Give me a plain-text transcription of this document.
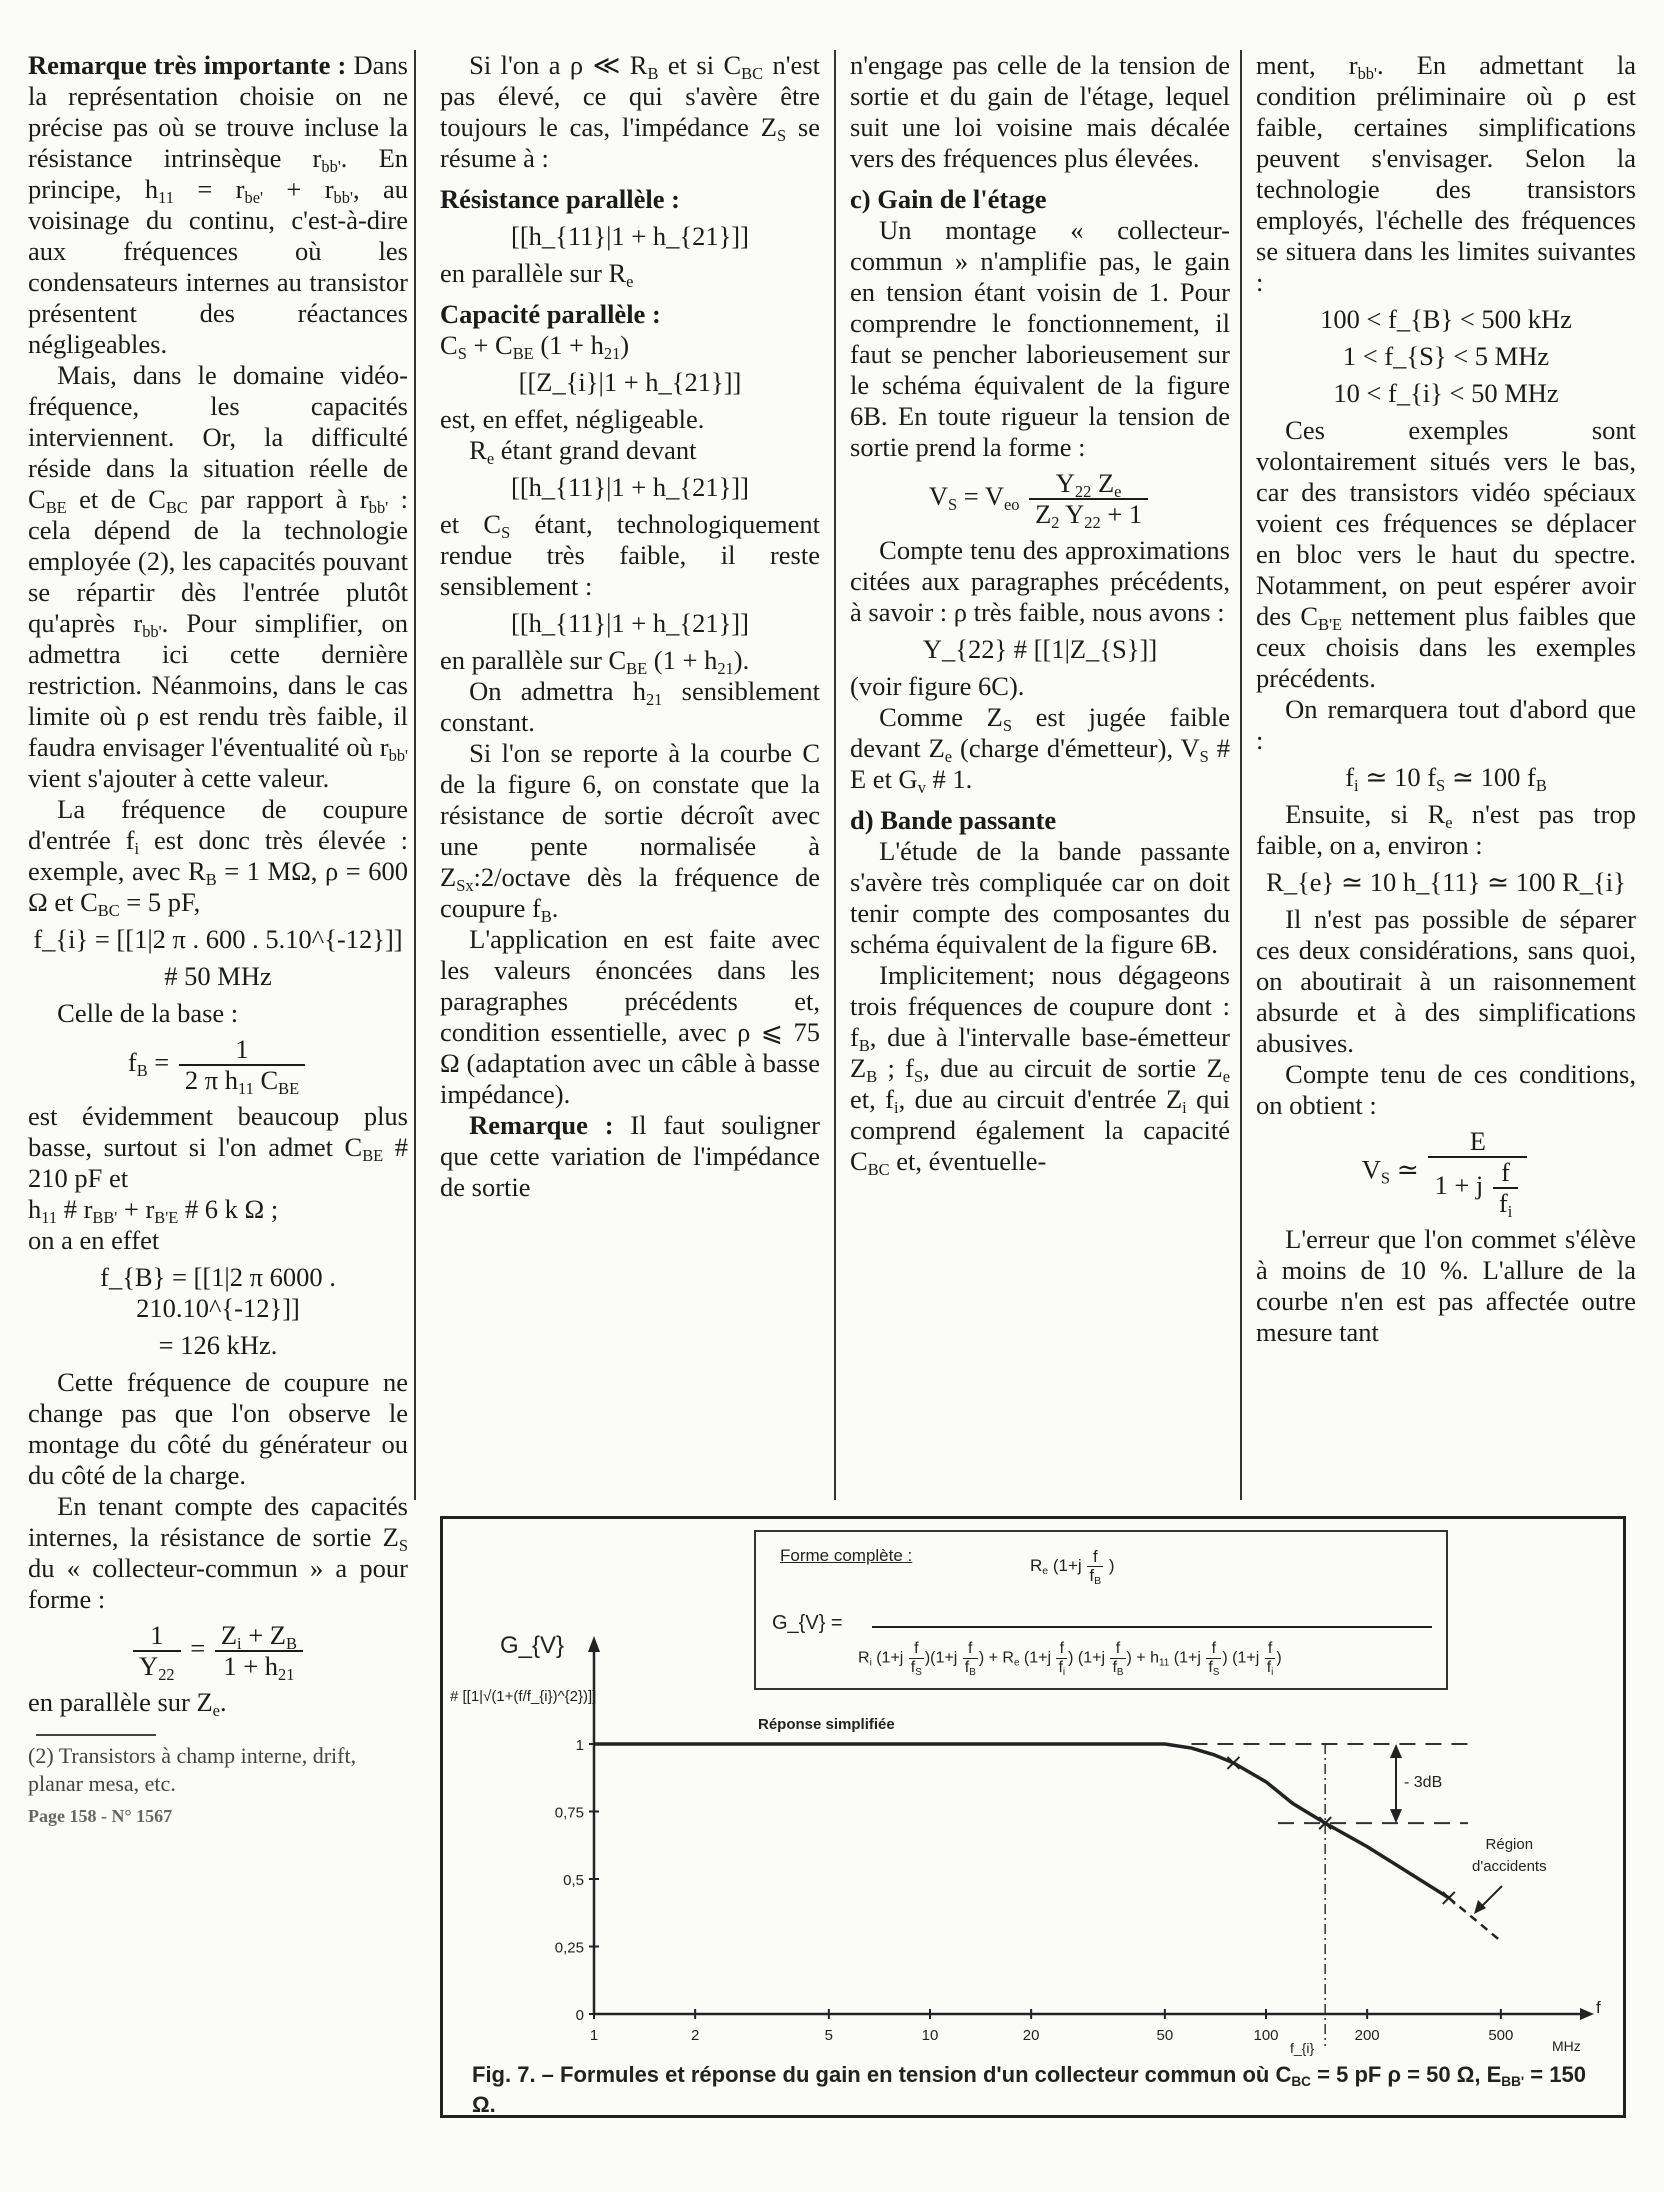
Remarque très importante : Dans la représentation choisie on ne précise pas où se trouve incluse la résistance intrinsèque $r_{bb'}$. En principe, $h_{11} = r_{be'} + r_{bb'}$, au voisinage du continu, c'est-à-dire aux fréquences où les condensateurs internes au transistor présentent des réactances négligeables.

Mais, dans le domaine vidéo-fréquence, les capacités interviennent. Or, la difficulté réside dans la situation réelle de $C_{BE}$ et de $C_{BC}$ par rapport à $r_{bb'}$ : cela dépend de la technologie employée (2), les capacités pouvant se répartir dès l'entrée plutôt qu'après $r_{bb'}$. Pour simplifier, on admettra ici cette dernière restriction. Néanmoins, dans le cas limite où ρ est rendu très faible, il faudra envisager l'éventualité où $r_{bb'}$ vient s'ajouter à cette valeur.

La fréquence de coupure d'entrée $f_i$ est donc très élevée : exemple, avec $R_B = 1$ MΩ, ρ = 600 Ω et $C_{BC} = 5$ pF,

f_{i} = [[1|2 π . 600 . 5.10^{-12}]]

# 50 MHz

Celle de la base :

$f_B$ =	1
2 π $h_{11}$ $C_{BE}$

est évidemment beaucoup plus basse, surtout si l'on admet $C_{BE}$ # 210 pF et

$h_{11}$ # $r_{BB'} + r_{B'E}$ # 6 k Ω ;

on a en effet

f_{B} = [[1|2 π 6000 . 210.10^{-12}]]

= 126 kHz.

Cette fréquence de coupure ne change pas que l'on observe le montage du côté du générateur ou du côté de la charge.

En tenant compte des capacités internes, la résistance de sortie $Z_S$ du « collecteur-commun » a pour forme :

$\frac{1}{Y_{22}} = \frac{Z_i + Z_B}{1 + h_{21}}$

en parallèle sur $Z_e$.

(2) Transistors à champ interne, drift, planar mesa, etc.
Page 158 - N° 1567

Si l'on a ρ ≪ $R_B$ et si $C_{BC}$ n'est pas élevé, ce qui s'avère être toujours le cas, l'impédance $Z_S$ se résume à :

Résistance parallèle :

[[h_{11}|1 + h_{21}]]

en parallèle sur $R_e$

Capacité parallèle :

$C_S + C_{BE}$ $(1 + h_{21})$

[[Z_{i}|1 + h_{21}]]

est, en effet, négligeable.

$R_e$ étant grand devant

[[h_{11}|1 + h_{21}]]

et $C_S$ étant, technologiquement rendue très faible, il reste sensiblement :

[[h_{11}|1 + h_{21}]]

en parallèle sur $C_{BE}$ $(1 + h_{21})$.

On admettra $h_{21}$ sensiblement constant.

Si l'on se reporte à la courbe C de la figure 6, on constate que la résistance de sortie décroît avec une pente normalisée à $Z_{Sx}:2$/octave dès la fréquence de coupure $f_B$.

L'application en est faite avec les valeurs énoncées dans les paragraphes précédents et, condition essentielle, avec ρ ⩽ 75 Ω (adaptation avec un câble à basse impédance).

Remarque : Il faut souligner que cette variation de l'impédance de sortie

n'engage pas celle de la tension de sortie et du gain de l'étage, lequel suit une loi voisine mais décalée vers des fréquences plus élevées.

c) Gain de l'étage

Un montage « collecteur-commun » n'amplifie pas, le gain en tension étant voisin de 1. Pour comprendre le fonctionnement, il faut se pencher laborieusement sur le schéma équivalent de la figure 6B. En toute rigueur la tension de sortie prend la forme :

$V_S = V_{eo} \frac{Y_{22} Z_e}{Z_2 Y_{22} + 1}$

Compte tenu des approximations citées aux paragraphes précédents, à savoir : ρ très faible, nous avons :

Y_{22} # [[1|Z_{S}]]

(voir figure 6C).

Comme $Z_S$ est jugée faible devant $Z_e$ (charge d'émetteur), $V_S$ # E et $G_v$ # 1.

d) Bande passante

L'étude de la bande passante s'avère très compliquée car on doit tenir compte des composantes du schéma équivalent de la figure 6B.

Implicitement; nous dégageons trois fréquences de coupure dont : $f_B$, due à l'intervalle base-émetteur $Z_B$ ; $f_S$, due au circuit de sortie $Z_e$ et, $f_i$, due au circuit d'entrée $Z_i$ qui comprend également la capacité $C_{BC}$ et, éventuelle-

ment, $r_{bb'}$. En admettant la condition préliminaire où ρ est faible, certaines simplifications peuvent s'envisager. Selon la technologie des transistors employés, l'échelle des fréquences se situera dans les limites suivantes :

100 < f_{B} < 500 kHz

1 < f_{S} < 5 MHz

10 < f_{i} < 50 MHz

Ces exemples sont volontairement situés vers le bas, car des transistors vidéo spéciaux voient ces fréquences se déplacer en bloc vers le haut du spectre. Notamment, on peut espérer avoir des $C_{B'E}$ nettement plus faibles que ceux choisis dans les exemples précédents.

On remarquera tout d'abord que :

$f_i$ ≃ 10 $f_S$ ≃ 100 $f_B$

Ensuite, si $R_e$ n'est pas trop faible, on a, environ :

R_{e} ≃ 10 h_{11} ≃ 100 R_{i}

Il n'est pas possible de séparer ces deux considérations, sans quoi, on aboutirait à un raisonnement absurde et à des simplifications abusives.

Compte tenu de ces conditions, on obtient :

$V_S$ ≃
E
1 + j $\frac{f}{f_i}$

L'erreur que l'on commet s'élève à moins de 10 %. L'allure de la courbe n'en est pas affectée outre mesure tant

Forme complète :
$R_e$ ($1+j \frac{f}{f_B}$ )
G_{V} =
$R_i$ $(1+j \frac{f}{f_S} )(1+j \frac{f}{f_B}$ ) + $R_e$ ($1+j \frac{f}{f_i}$ ) ($1+j \frac{f}{f_B}$ ) + $h_{11}$ ($1+j \frac{f}{f_S}$ ) ($1+j \frac{f}{f_i}$ )
G_{V}
# [[1|√(1+(f/f_{i})^{2})]]
Réponse simplifiée
- 3dB
f_{i}	MHz
f
Région
d'accidents
Fig. 7. – Formules et réponse du gain en tension d'un collecteur commun où $C_{BC} = 5$ pF ρ = 50 Ω, $E_{BB'} = 150$ Ω.
1	2	5	10	20	50	100	200	500
0
0,25
0,5
0,75
1
